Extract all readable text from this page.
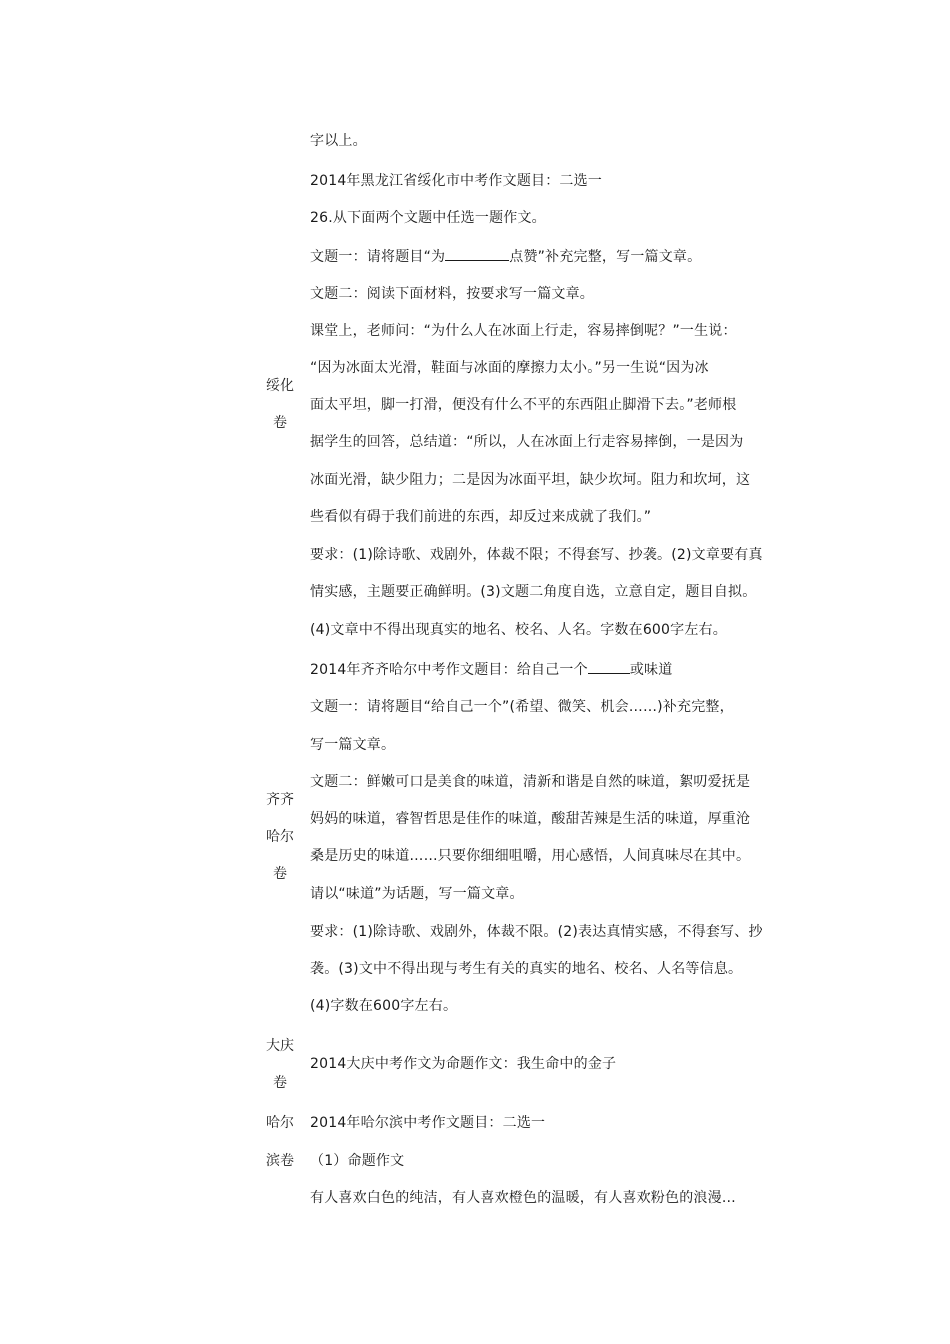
绥化
卷
齐齐
哈尔
卷
大庆
卷
哈尔
滨卷
字以上。
2014年黑龙江省绥化市中考作文题目：二选一
26.从下面两个文题中任选一题作文。
文题一：请将题目“为	点赞”补充完整，写一篇文章。
文题二：阅读下面材料，按要求写一篇文章。
课堂上，老师问：“为什么人在冰面上行走，容易摔倒呢？”一生说：
“因为冰面太光滑，鞋面与冰面的摩擦力太小。”另一生说“因为冰
面太平坦，脚一打滑，便没有什么不平的东西阻止脚滑下去。”老师根
据学生的回答，总结道：“所以，人在冰面上行走容易摔倒，一是因为
冰面光滑，缺少阻力；二是因为冰面平坦，缺少坎坷。阻力和坎坷，这
些看似有碍于我们前进的东西，却反过来成就了我们。”
要求：(1)除诗歌、戏剧外，体裁不限；不得套写、抄袭。(2)文章要有真
情实感，主题要正确鲜明。(3)文题二角度自选，立意自定，题目自拟。
(4)文章中不得出现真实的地名、校名、人名。字数在600字左右。
2014年齐齐哈尔中考作文题目：给自己一个	或味道
文题一：请将题目“给自己一个”(希望、微笑、机会……)补充完整，
写一篇文章。
文题二：鲜嫩可口是美食的味道，清新和谐是自然的味道，絮叨爱抚是
妈妈的味道，睿智哲思是佳作的味道，酸甜苦辣是生活的味道，厚重沧
桑是历史的味道……只要你细细咀嚼，用心感悟，人间真味尽在其中。
请以“味道”为话题，写一篇文章。
要求：(1)除诗歌、戏剧外，体裁不限。(2)表达真情实感，不得套写、抄
袭。(3)文中不得出现与考生有关的真实的地名、校名、人名等信息。
(4)字数在600字左右。
2014大庆中考作文为命题作文：我生命中的金子
2014年哈尔滨中考作文题目：二选一
（1）命题作文
有人喜欢白色的纯洁，有人喜欢橙色的温暖，有人喜欢粉色的浪漫…
